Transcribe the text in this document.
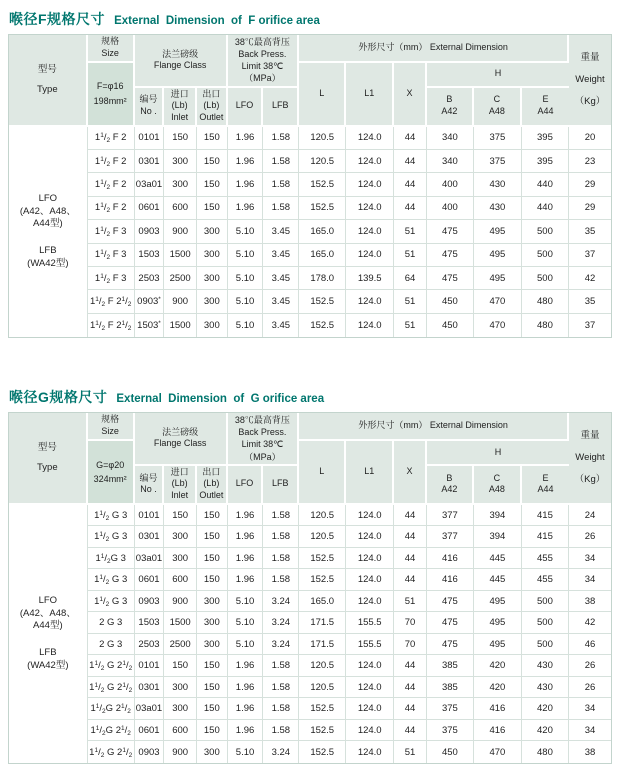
喉径F规格尺寸 External  Dimension  of  F orifice area
型号
Type	规格
Size	法兰磅级
Flange Class			38℃最高背压
Back Press.
Limit 38℃
（MPa）		外形尺寸（mm） External Dimension						重量
Weight
（Kg）
	F=φ16
198mm²						L	L1	X	H			
		编号
No .	进口(Lb)
Inlet	出口(Lb)
Outlet	LFO	LFB				B
A42	C
A48	E
A44	

LFO
(A42、A48、
A44型)
LFB
(WA42型)	$1^1/_2$ F 2	0101	150	150	1.96	1.58	120.5	124.0	44	340	375	395	20
	$1^1/_2$ F 2	0301	300	150	1.96	1.58	120.5	124.0	44	340	375	395	23
	$1^1/_2$ F 2	03a01	300	150	1.96	1.58	152.5	124.0	44	400	430	440	29
	$1^1/_2$ F 2	0601	600	150	1.96	1.58	152.5	124.0	44	400	430	440	29
	$1^1/_2$ F 3	0903	900	300	5.10	3.45	165.0	124.0	51	475	495	500	35
	$1^1/_2$ F 3	1503	1500	300	5.10	3.45	165.0	124.0	51	475	495	500	37
	$1^1/_2$ F 3	2503	2500	300	5.10	3.45	178.0	139.5	64	475	495	500	42
	$1^1/_2$ F $2^1/_2$	0903*	900	300	5.10	3.45	152.5	124.0	51	450	470	480	35
	$1^1/_2$ F $2^1/_2$	1503*	1500	300	5.10	3.45	152.5	124.0	51	450	470	480	37
喉径G规格尺寸 External  Dimension  of  G orifice area
型号
Type	规格
Size	法兰磅级
Flange Class			38℃最高背压
Back Press.
Limit 38℃
（MPa）		外形尺寸（mm） External Dimension						重量
Weight
（Kg）
	G=φ20
324mm²						L	L1	X	H			
		编号
No .	进口(Lb)
Inlet	出口(Lb)
Outlet	LFO	LFB				B
A42	C
A48	E
A44	

LFO
(A42、A48、
A44型)
LFB
(WA42型)	$1^1/_2$ G 3	0101	150	150	1.96	1.58	120.5	124.0	44	377	394	415	24
	$1^1/_2$ G 3	0301	300	150	1.96	1.58	120.5	124.0	44	377	394	415	26
	$1^1/_2G$ 3	03a01	300	150	1.96	1.58	152.5	124.0	44	416	445	455	34
	$1^1/_2$ G 3	0601	600	150	1.96	1.58	152.5	124.0	44	416	445	455	34
	$1^1/_2$ G 3	0903	900	300	5.10	3.24	165.0	124.0	51	475	495	500	38
	2 G 3	1503	1500	300	5.10	3.24	171.5	155.5	70	475	495	500	42
	2 G 3	2503	2500	300	5.10	3.24	171.5	155.5	70	475	495	500	46
	$1^1/_2$ G $2^1/_2$	0101	150	150	1.96	1.58	120.5	124.0	44	385	420	430	26
	$1^1/_2$ G $2^1/_2$	0301	300	150	1.96	1.58	120.5	124.0	44	385	420	430	26
	$1^1/_2G$ $2^1/_2$	03a01	300	150	1.96	1.58	152.5	124.0	44	375	416	420	34
	$1^1/_2G$ $2^1/_2$	0601	600	150	1.96	1.58	152.5	124.0	44	375	416	420	34
	$1^1/_2$ G $2^1/_2$	0903	900	300	5.10	3.24	152.5	124.0	51	450	470	480	38
